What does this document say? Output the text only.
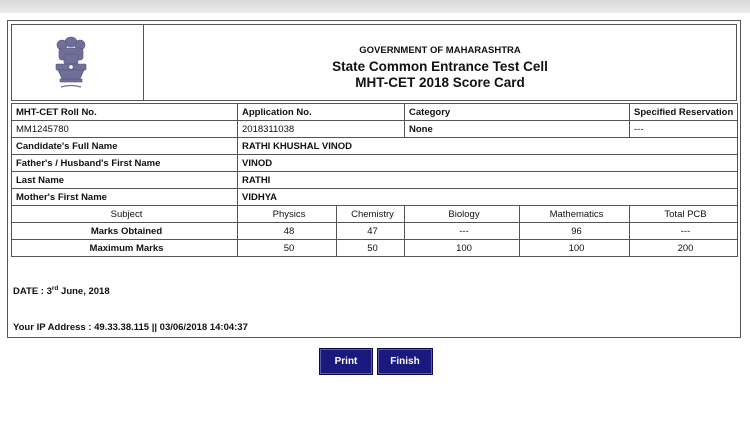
GOVERNMENT OF MAHARASHTRA
State Common Entrance Test Cell
MHT-CET 2018 Score Card
MHT-CET Roll No.	Application No.		Category		Specified Reservation	
MM1245780	2018311038		None		---	
Candidate's Full Name	RATHI KHUSHAL VINOD					
Father's / Husband's First Name	VINOD					
Last Name	RATHI					
Mother's First Name	VIDHYA					
Subject	Physics	Chemistry	Biology	Mathematics	Total PCB	
Marks Obtained	48	47	---	96	---	
Maximum Marks	50	50	100	100	200	
DATE : 3rd June, 2018
Your IP Address : 49.33.38.115 || 03/06/2018 14:04:37
Print	Finish
